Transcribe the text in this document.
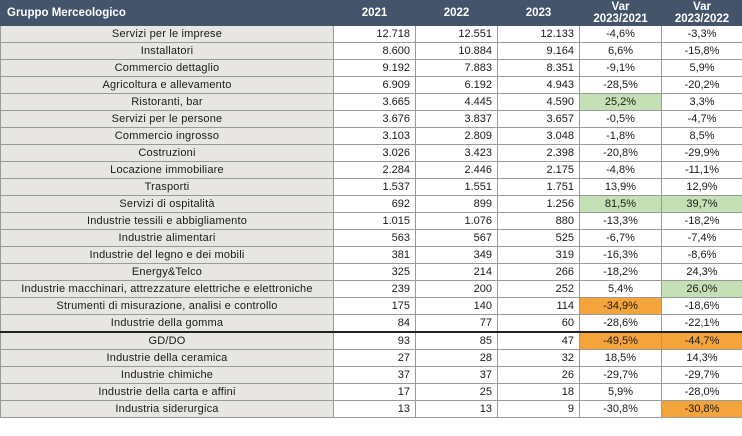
Gruppo Merceologico	2021	2022	2023	Var 2023/2021	Var 2023/2022
Servizi per le imprese	12.718	12.551	12.133	-4,6%	-3,3%
Installatori	8.600	10.884	9.164	6,6%	-15,8%
Commercio dettaglio	9.192	7.883	8.351	-9,1%	5,9%
Agricoltura e allevamento	6.909	6.192	4.943	-28,5%	-20,2%
Ristoranti, bar	3.665	4.445	4.590	25,2%	3,3%
Servizi per le persone	3.676	3.837	3.657	-0,5%	-4,7%
Commercio ingrosso	3.103	2.809	3.048	-1,8%	8,5%
Costruzioni	3.026	3.423	2.398	-20,8%	-29,9%
Locazione immobiliare	2.284	2.446	2.175	-4,8%	-11,1%
Trasporti	1.537	1.551	1.751	13,9%	12,9%
Servizi di ospitalità	692	899	1.256	81,5%	39,7%
Industrie tessili e abbigliamento	1.015	1.076	880	-13,3%	-18,2%
Industrie alimentari	563	567	525	-6,7%	-7,4%
Industrie del legno e dei mobili	381	349	319	-16,3%	-8,6%
Energy&Telco	325	214	266	-18,2%	24,3%
Industrie macchinari, attrezzature elettriche e elettroniche	239	200	252	5,4%	26,0%
Strumenti di misurazione, analisi e controllo	175	140	114	-34,9%	-18,6%
Industrie della gomma	84	77	60	-28,6%	-22,1%
GD/DO	93	85	47	-49,5%	-44,7%
Industrie della ceramica	27	28	32	18,5%	14,3%
Industrie chimiche	37	37	26	-29,7%	-29,7%
Industrie della carta e affini	17	25	18	5,9%	-28,0%
Industria siderurgica	13	13	9	-30,8%	-30,8%
